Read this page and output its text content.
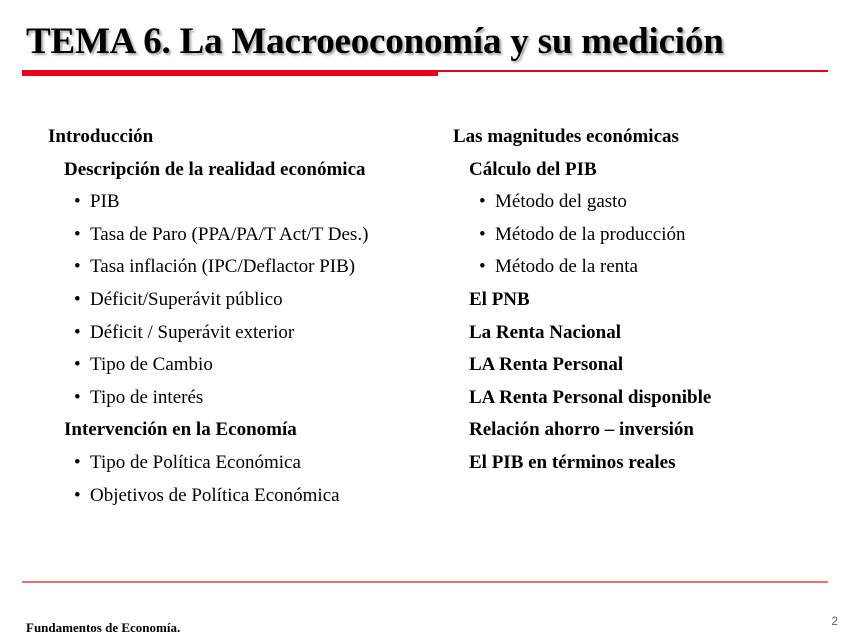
TEMA 6. La Macroeoconomía y su medición
Introducción
Descripción de la realidad económica
• PIB
• Tasa de Paro (PPA/PA/T Act/T Des.)
• Tasa inflación (IPC/Deflactor PIB)
• Déficit/Superávit público
• Déficit / Superávit exterior
• Tipo de Cambio
• Tipo de interés
Intervención en la Economía
• Tipo de Política Económica
• Objetivos de Política Económica
Las magnitudes económicas
Cálculo del PIB
• Método del gasto
• Método de la producción
• Método de la renta
El PNB
La Renta Nacional
LA Renta Personal
LA Renta Personal disponible
Relación ahorro – inversión
El PIB en términos reales
Fundamentos de Economía.	2
